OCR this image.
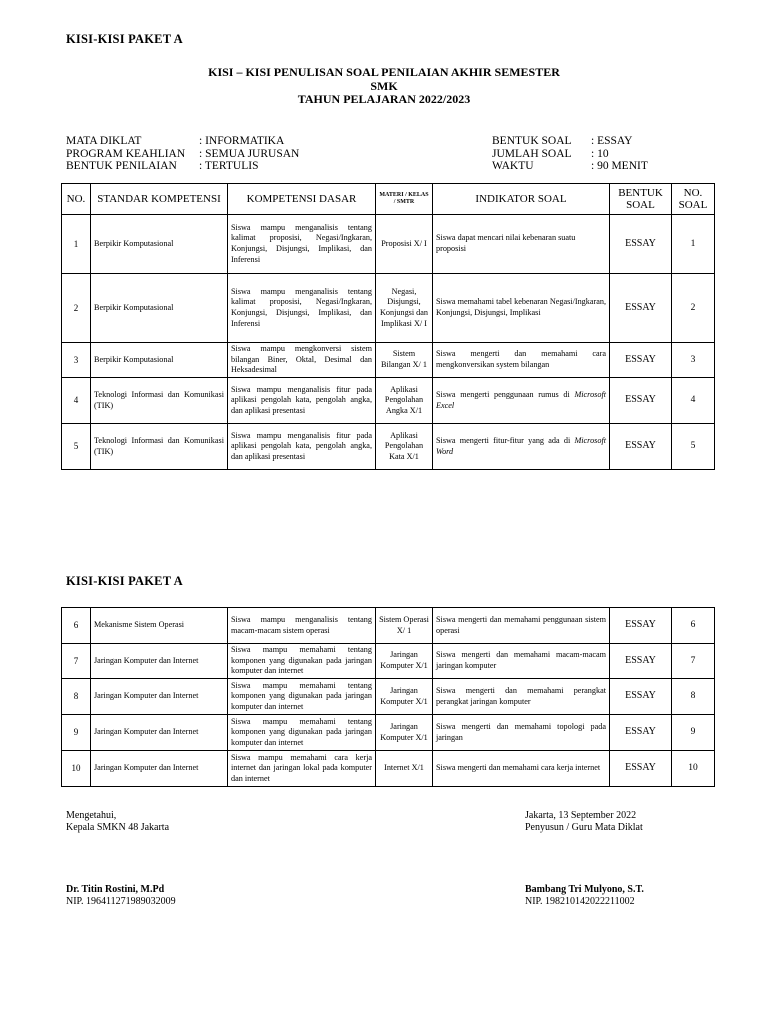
KISI-KISI PAKET A
KISI – KISI PENULISAN SOAL PENILAIAN AKHIR SEMESTER
SMK
TAHUN PELAJARAN 2022/2023
MATA DIKLAT	: INFORMATIKA
PROGRAM KEAHLIAN	: SEMUA JURUSAN
BENTUK PENILAIAN	: TERTULIS
BENTUK SOAL	: ESSAY
JUMLAH SOAL	: 10
WAKTU	: 90 MENIT
NO.	STANDAR KOMPETENSI	KOMPETENSI DASAR	MATERI / KELAS / SMTR	INDIKATOR SOAL	BENTUK SOAL	NO. SOAL
1	Berpikir Komputasional	Siswa mampu menganalisis tentang kalimat proposisi, Negasi/Ingkaran, Konjungsi, Disjungsi, Implikasi, dan Inferensi	Proposisi X/ I	Siswa dapat mencari nilai kebenaran suatu proposisi	ESSAY	1
2	Berpikir Komputasional	Siswa mampu menganalisis tentang kalimat proposisi, Negasi/Ingkaran, Konjungsi, Disjungsi, Implikasi, dan Inferensi	Negasi, Disjungsi, Konjungsi dan Implikasi X/ I	Siswa memahami tabel kebenaran Negasi/Ingkaran, Konjungsi, Disjungsi, Implikasi	ESSAY	2
3	Berpikir Komputasional	Siswa mampu mengkonversi sistem bilangan Biner, Oktal, Desimal dan Heksadesimal	Sistem Bilangan X/ 1	Siswa mengerti dan memahami cara mengkonversikan system bilangan	ESSAY	3
4	Teknologi Informasi dan Komunikasi (TIK)	Siswa mampu menganalisis fitur pada aplikasi pengolah kata, pengolah angka, dan aplikasi presentasi	Aplikasi Pengolahan Angka X/1	Siswa mengerti penggunaan rumus di Microsoft Excel	ESSAY	4
5	Teknologi Informasi dan Komunikasi (TIK)	Siswa mampu menganalisis fitur pada aplikasi pengolah kata, pengolah angka, dan aplikasi presentasi	Aplikasi Pengolahan Kata X/1	Siswa mengerti fitur-fitur yang ada di Microsoft Word	ESSAY	5
KISI-KISI PAKET A
6	Mekanisme Sistem Operasi	Siswa mampu menganalisis tentang macam-macam sistem operasi	Sistem Operasi X/ 1	Siswa mengerti dan memahami penggunaan sistem operasi	ESSAY	6
7	Jaringan Komputer dan Internet	Siswa mampu memahami tentang komponen yang digunakan pada jaringan komputer dan internet	Jaringan Komputer X/1	Siswa mengerti dan memahami macam-macam jaringan komputer	ESSAY	7
8	Jaringan Komputer dan Internet	Siswa mampu memahami tentang komponen yang digunakan pada jaringan komputer dan internet	Jaringan Komputer X/1	Siswa mengerti dan memahami perangkat perangkat jaringan komputer	ESSAY	8
9	Jaringan Komputer dan Internet	Siswa mampu memahami tentang komponen yang digunakan pada jaringan komputer dan internet	Jaringan Komputer X/1	Siswa mengerti dan memahami topologi pada jaringan	ESSAY	9
10	Jaringan Komputer dan Internet	Siswa mampu memahami cara kerja internet dan jaringan lokal pada komputer dan internet	Internet X/1	Siswa mengerti dan memahami cara kerja internet	ESSAY	10
Mengetahui,
Kepala SMKN 48 Jakarta
Dr. Titin Rostini, M.Pd
NIP. 196411271989032009
Jakarta, 13 September 2022
Penyusun / Guru Mata Diklat
Bambang Tri Mulyono, S.T.
NIP. 198210142022211002
